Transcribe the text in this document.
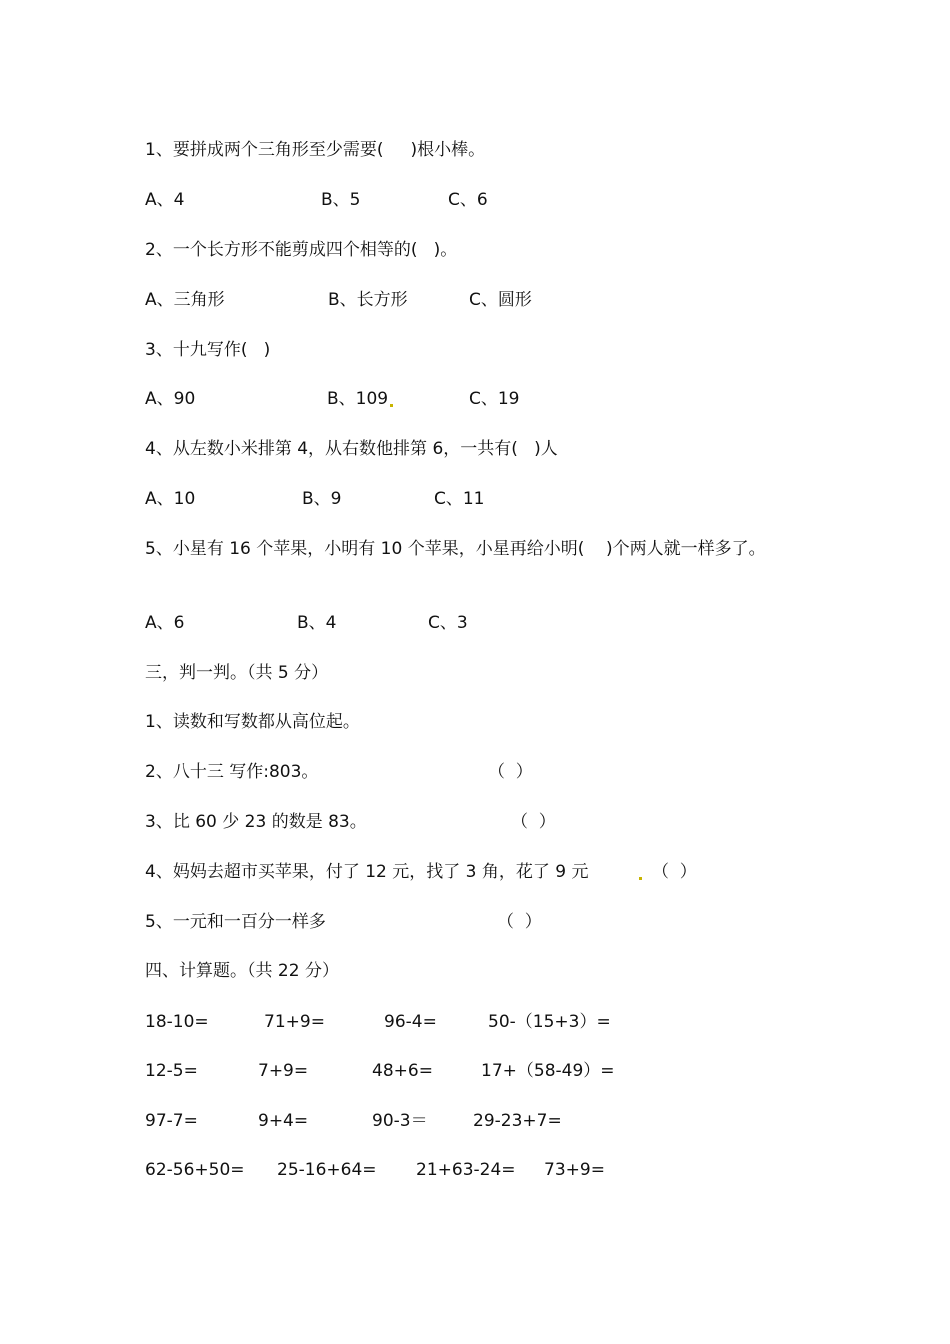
1、要拼成两个三角形至少需要(     )根小棒。
A、4	B、5	C、6
2、一个长方形不能剪成四个相等的(   )。
A、三角形	B、长方形	C、圆形
3、十九写作(   )
A、90	B、109	C、19
4、从左数小米排第 4，从右数他排第 6，一共有(   )人
A、10	B、9	C、11
5、小星有 16 个苹果，小明有 10 个苹果，小星再给小明(    )个两人就一样多了。
A、6	B、4	C、3
三，判一判。（共 5 分）
1、读数和写数都从高位起。
2、八十三 写作:803。	（  ）
3、比 60 少 23 的数是 83。	（  ）
4、妈妈去超市买苹果，付了 12 元，找了 3 角，花了 9 元	（  ）
5、一元和一百分一样多	（  ）
四、计算题。（共 22 分）
18-10=	71+9=	96-4=	50-（15+3）=
12-5=	7+9=	48+6=	17+（58-49）=
97-7=	9+4=	90-3＝	29-23+7=
62-56+50= 25-16+64= 21+63-24= 73+9=
